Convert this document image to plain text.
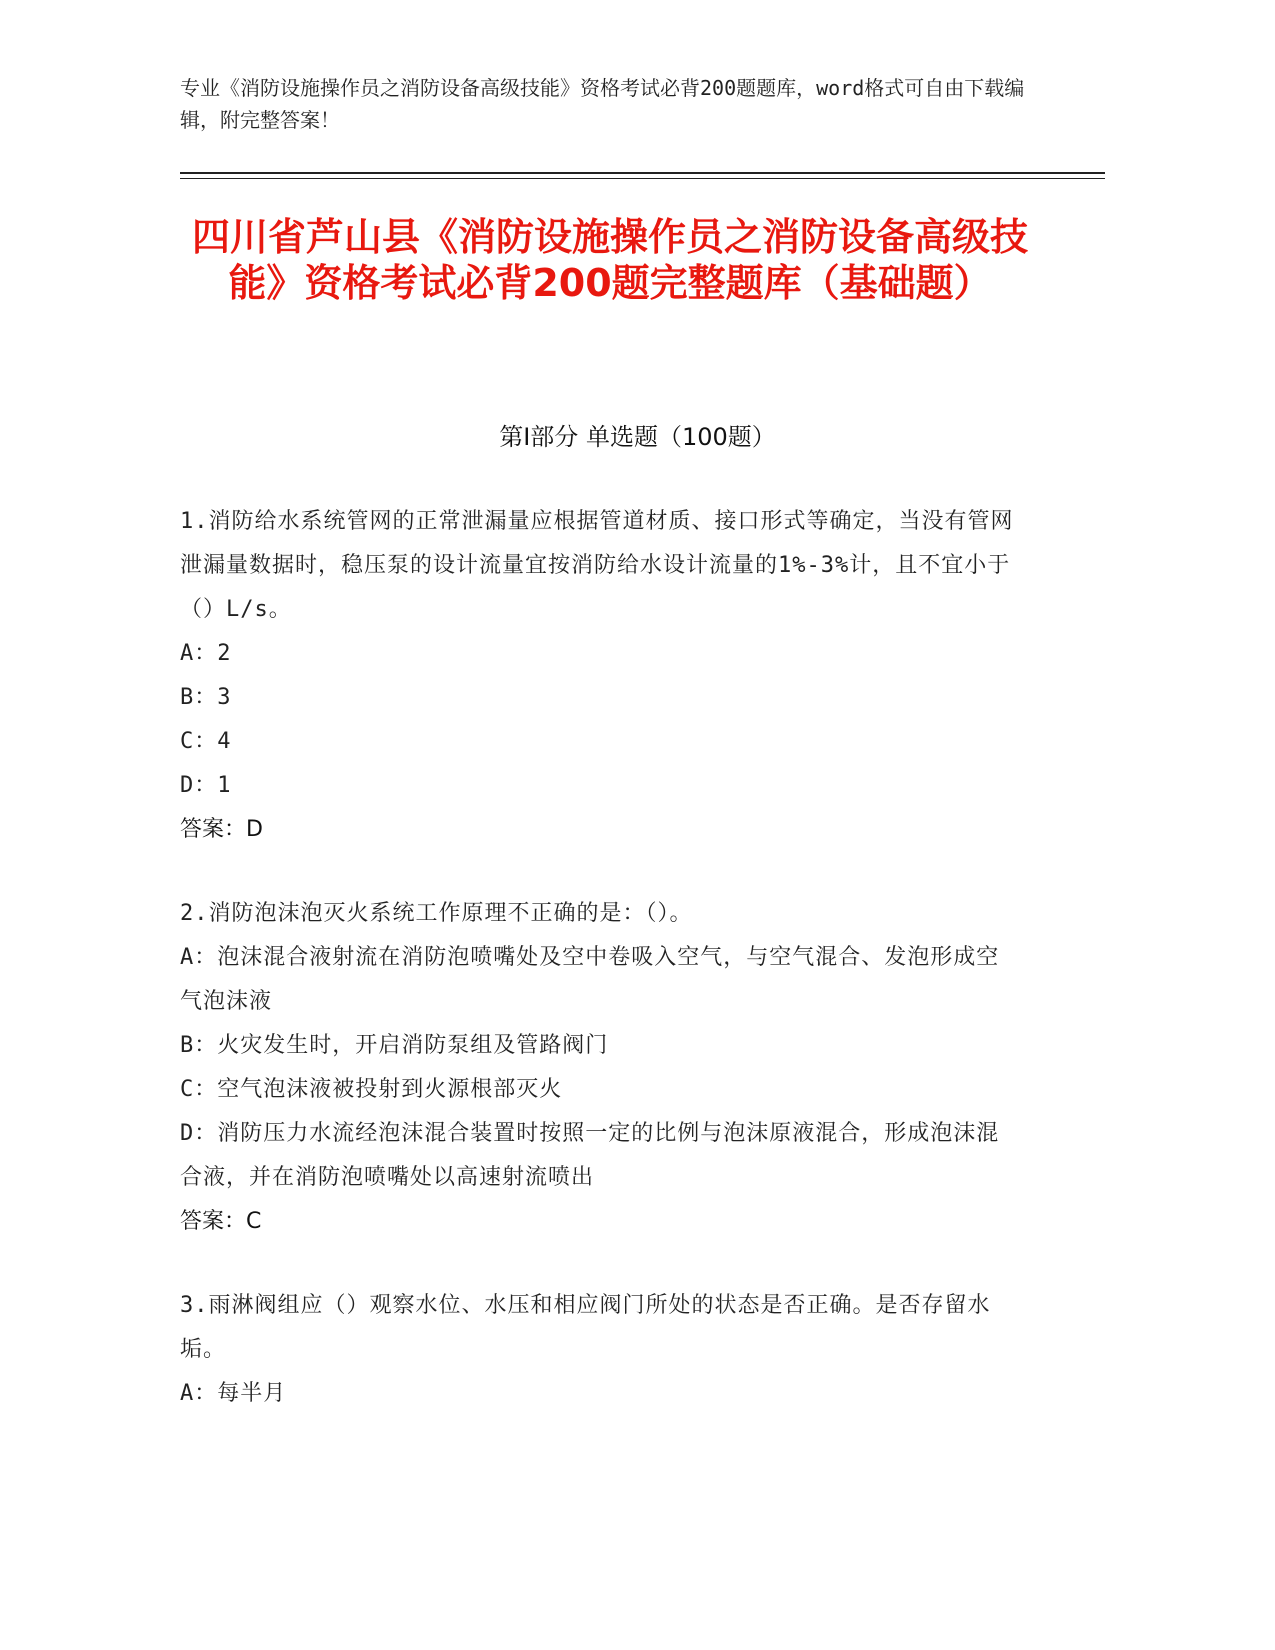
专业《消防设施操作员之消防设备高级技能》资格考试必背200题题库，word格式可自由下载编辑，附完整答案！
四川省芦山县《消防设施操作员之消防设备高级技能》资格考试必背200题完整题库（基础题）
第Ⅰ部分 单选题（100题）
1.消防给水系统管网的正常泄漏量应根据管道材质、接口形式等确定，当没有管网泄漏量数据时，稳压泵的设计流量宜按消防给水设计流量的1%-3%计，且不宜小于（）L/s。
A：2
B：3
C：4
D：1
答案：D
2.消防泡沫泡灭火系统工作原理不正确的是：（）。
A：泡沫混合液射流在消防泡喷嘴处及空中卷吸入空气，与空气混合、发泡形成空气泡沫液
B：火灾发生时，开启消防泵组及管路阀门
C：空气泡沫液被投射到火源根部灭火
D：消防压力水流经泡沫混合装置时按照一定的比例与泡沫原液混合，形成泡沫混合液，并在消防泡喷嘴处以高速射流喷出
答案：C
3.雨淋阀组应（）观察水位、水压和相应阀门所处的状态是否正确。是否存留水垢。
A：每半月
